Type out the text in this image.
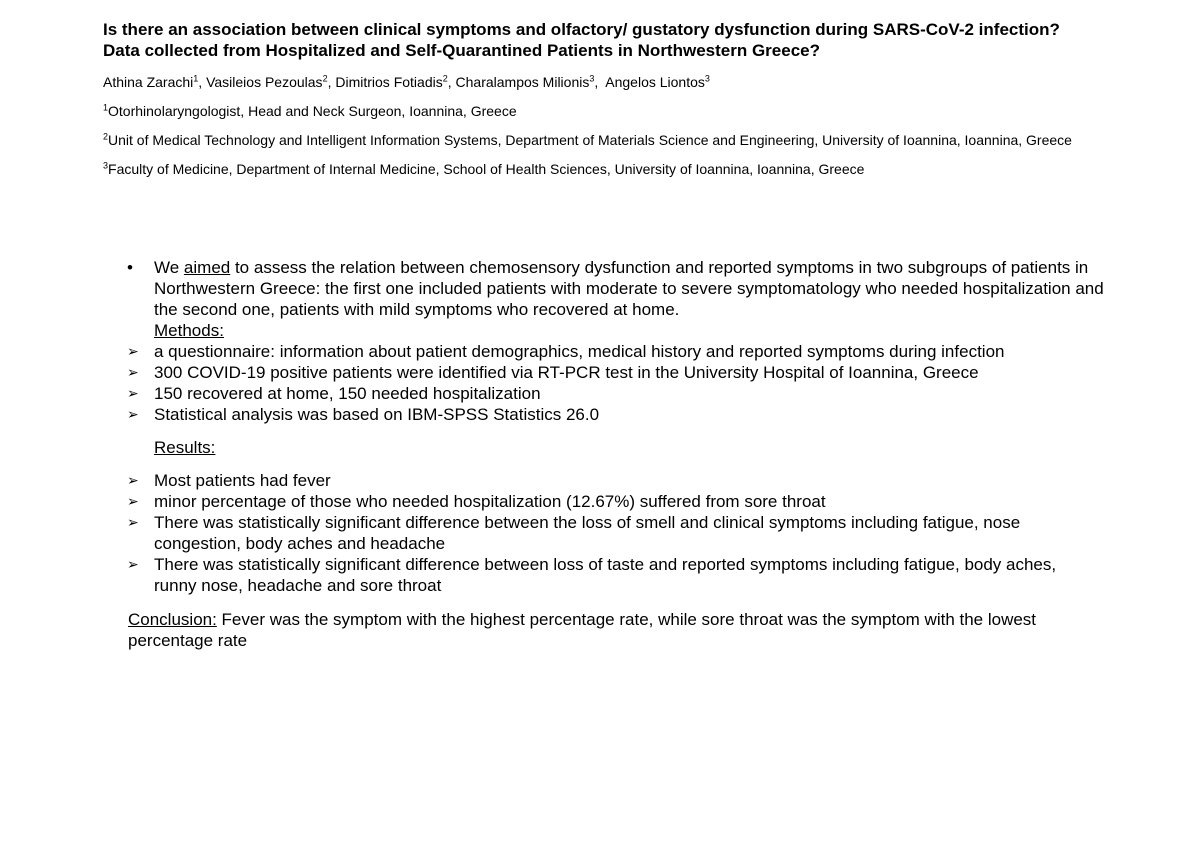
Is there an association between clinical symptoms and olfactory/ gustatory dysfunction during SARS-CoV-2 infection?
Data collected from Hospitalized and Self-Quarantined Patients in Northwestern Greece?
Athina Zarachi$^1$, Vasileios Pezoulas$^2$, Dimitrios Fotiadis$^2$, Charalampos Milionis$^3$,  Angelos Liontos$^3$
$^1$Otorhinolaryngologist, Head and Neck Surgeon, Ioannina, Greece
$^2$Unit of Medical Technology and Intelligent Information Systems, Department of Materials Science and Engineering, University of Ioannina, Ioannina, Greece
$^3$Faculty of Medicine, Department of Internal Medicine, School of Health Sciences, University of Ioannina, Ioannina, Greece
• We aimed to assess the relation between chemosensory dysfunction and reported symptoms in two subgroups of patients in Northwestern Greece: the first one included patients with moderate to severe symptomatology who needed hospitalization and the second one, patients with mild symptoms who recovered at home.
Methods:
➢ a questionnaire: information about patient demographics, medical history and reported symptoms during infection
➢ 300 COVID-19 positive patients were identified via RT-PCR test in the University Hospital of Ioannina, Greece
➢ 150 recovered at home, 150 needed hospitalization
➢ Statistical analysis was based on IBM-SPSS Statistics 26.0
Results:
➢ Most patients had fever
➢ minor percentage of those who needed hospitalization (12.67%) suffered from sore throat
➢ There was statistically significant difference between the loss of smell and clinical symptoms including fatigue, nose congestion, body aches and headache
➢ There was statistically significant difference between loss of taste and reported symptoms including fatigue, body aches, runny nose, headache and sore throat
Conclusion: Fever was the symptom with the highest percentage rate, while sore throat was the symptom with the lowest percentage rate
